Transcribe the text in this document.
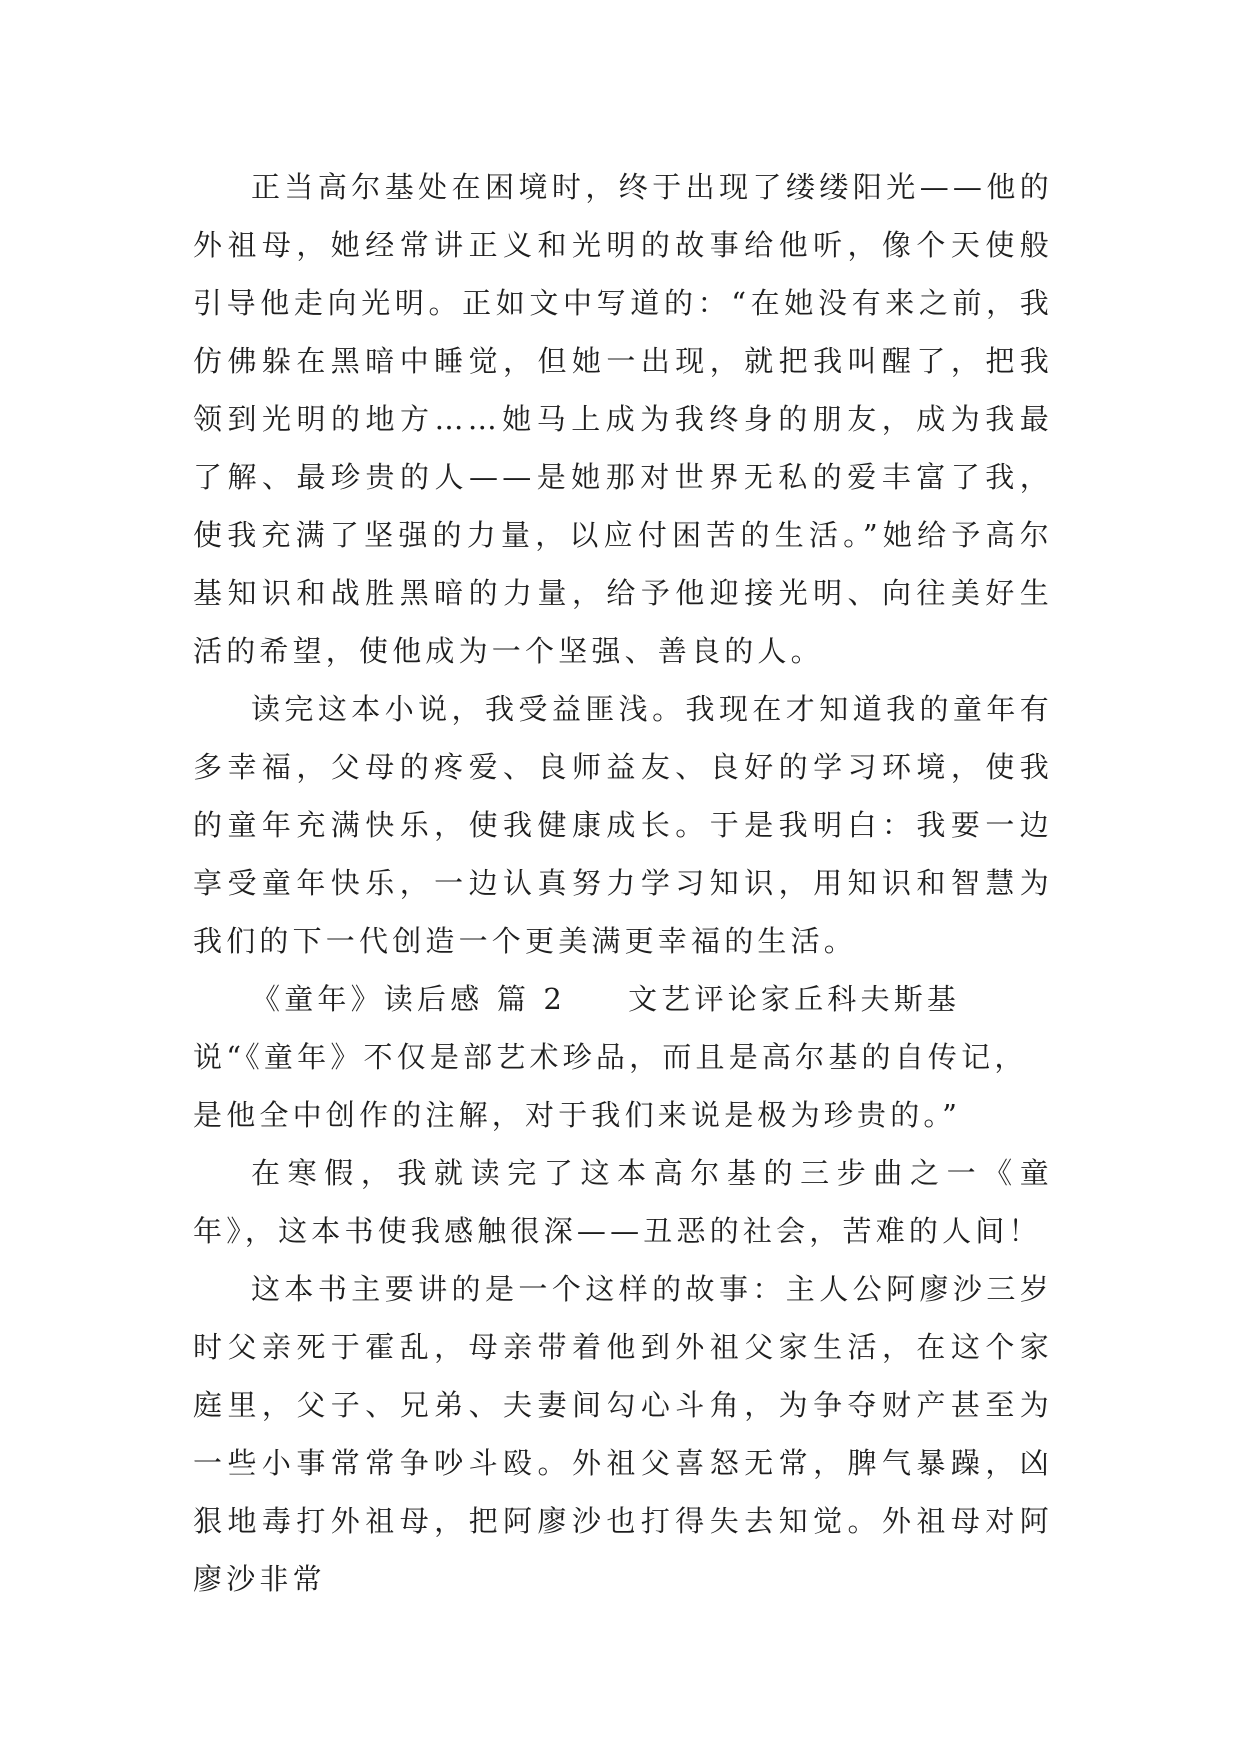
正当高尔基处在困境时，终于出现了缕缕阳光——他的外祖母，她经常讲正义和光明的故事给他听，像个天使般引导他走向光明。正如文中写道的：“在她没有来之前，我仿佛躲在黑暗中睡觉，但她一出现，就把我叫醒了，把我领到光明的地方……她马上成为我终身的朋友，成为我最了解、最珍贵的人——是她那对世界无私的爱丰富了我，使我充满了坚强的力量，以应付困苦的生活。”她给予高尔基知识和战胜黑暗的力量，给予他迎接光明、向往美好生活的希望，使他成为一个坚强、善良的人。

读完这本小说，我受益匪浅。我现在才知道我的童年有多幸福，父母的疼爱、良师益友、良好的学习环境，使我的童年充满快乐，使我健康成长。于是我明白：我要一边享受童年快乐，一边认真努力学习知识，用知识和智慧为我们的下一代创造一个更美满更幸福的生活。

《童年》读后感 篇 2 文艺评论家丘科夫斯基说“《童年》不仅是部艺术珍品，而且是高尔基的自传记，是他全中创作的注解，对于我们来说是极为珍贵的。”

在寒假，我就读完了这本高尔基的三步曲之一《童年》，这本书使我感触很深——丑恶的社会，苦难的人间！

这本书主要讲的是一个这样的故事：主人公阿廖沙三岁时父亲死于霍乱，母亲带着他到外祖父家生活，在这个家庭里，父子、兄弟、夫妻间勾心斗角，为争夺财产甚至为一些小事常常争吵斗殴。外祖父喜怒无常，脾气暴躁，凶狠地毒打外祖母，把阿廖沙也打得失去知觉。外祖母对阿廖沙非常
